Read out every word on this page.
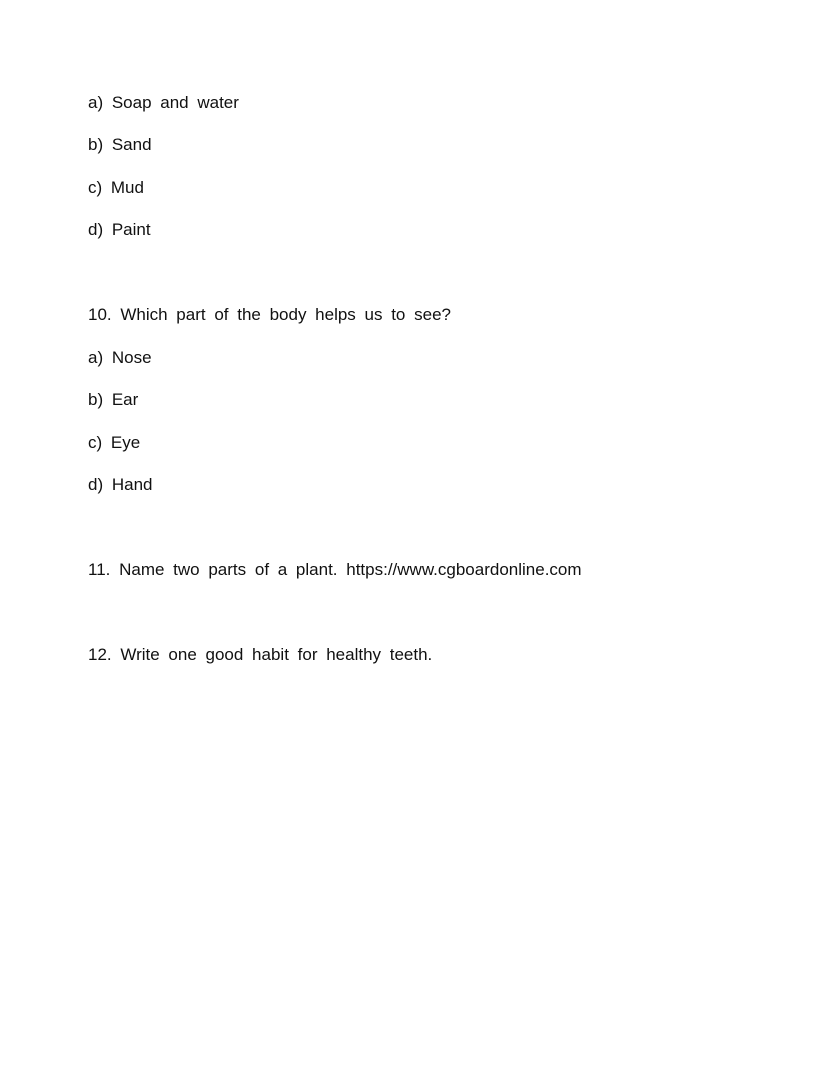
a) Soap and water
b) Sand
c) Mud
d) Paint
10. Which part of the body helps us to see?
a) Nose
b) Ear
c) Eye
d) Hand
11. Name two parts of a plant. https://www.cgboardonline.com
12. Write one good habit for healthy teeth.
